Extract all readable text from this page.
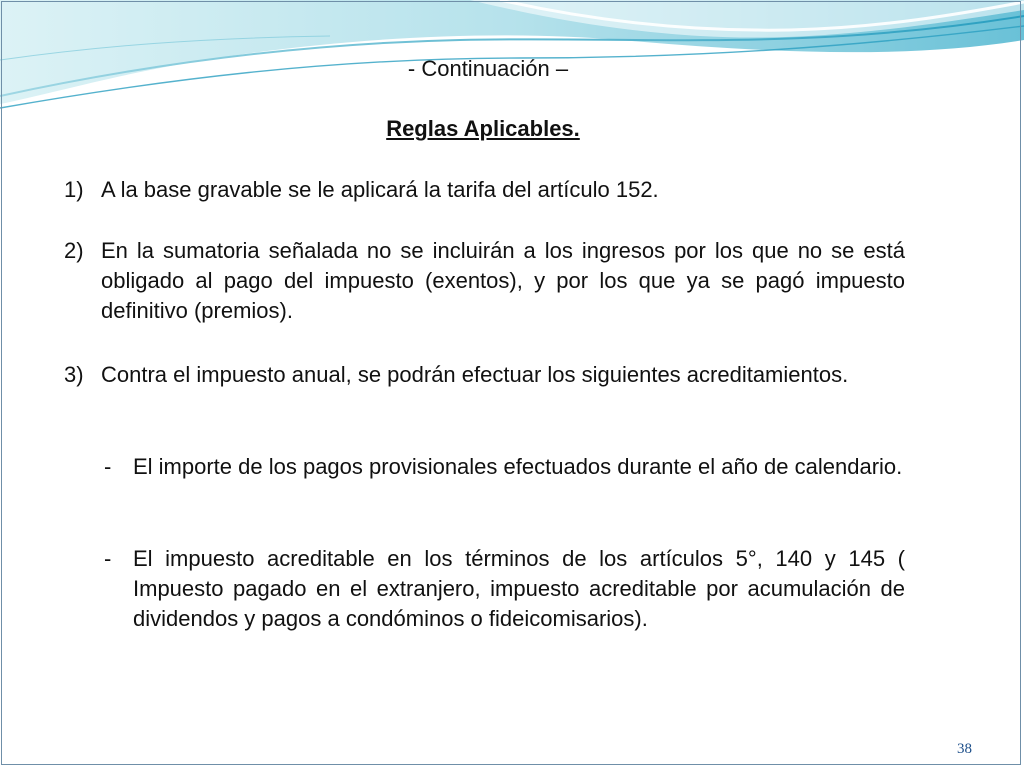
- Continuación –
Reglas Aplicables.
1) A la base gravable se le aplicará la tarifa del artículo 152.
2) En la sumatoria señalada no se incluirán a los ingresos por los que no se está obligado al pago del impuesto (exentos), y por los que ya se pagó impuesto definitivo (premios).
3) Contra el impuesto anual, se podrán efectuar los siguientes acreditamientos.
- El importe de los pagos provisionales efectuados durante el año de calendario.
- El impuesto acreditable en los términos de los artículos 5°, 140 y 145 ( Impuesto pagado en el extranjero, impuesto acreditable por acumulación de dividendos y pagos a condóminos o fideicomisarios).
38
